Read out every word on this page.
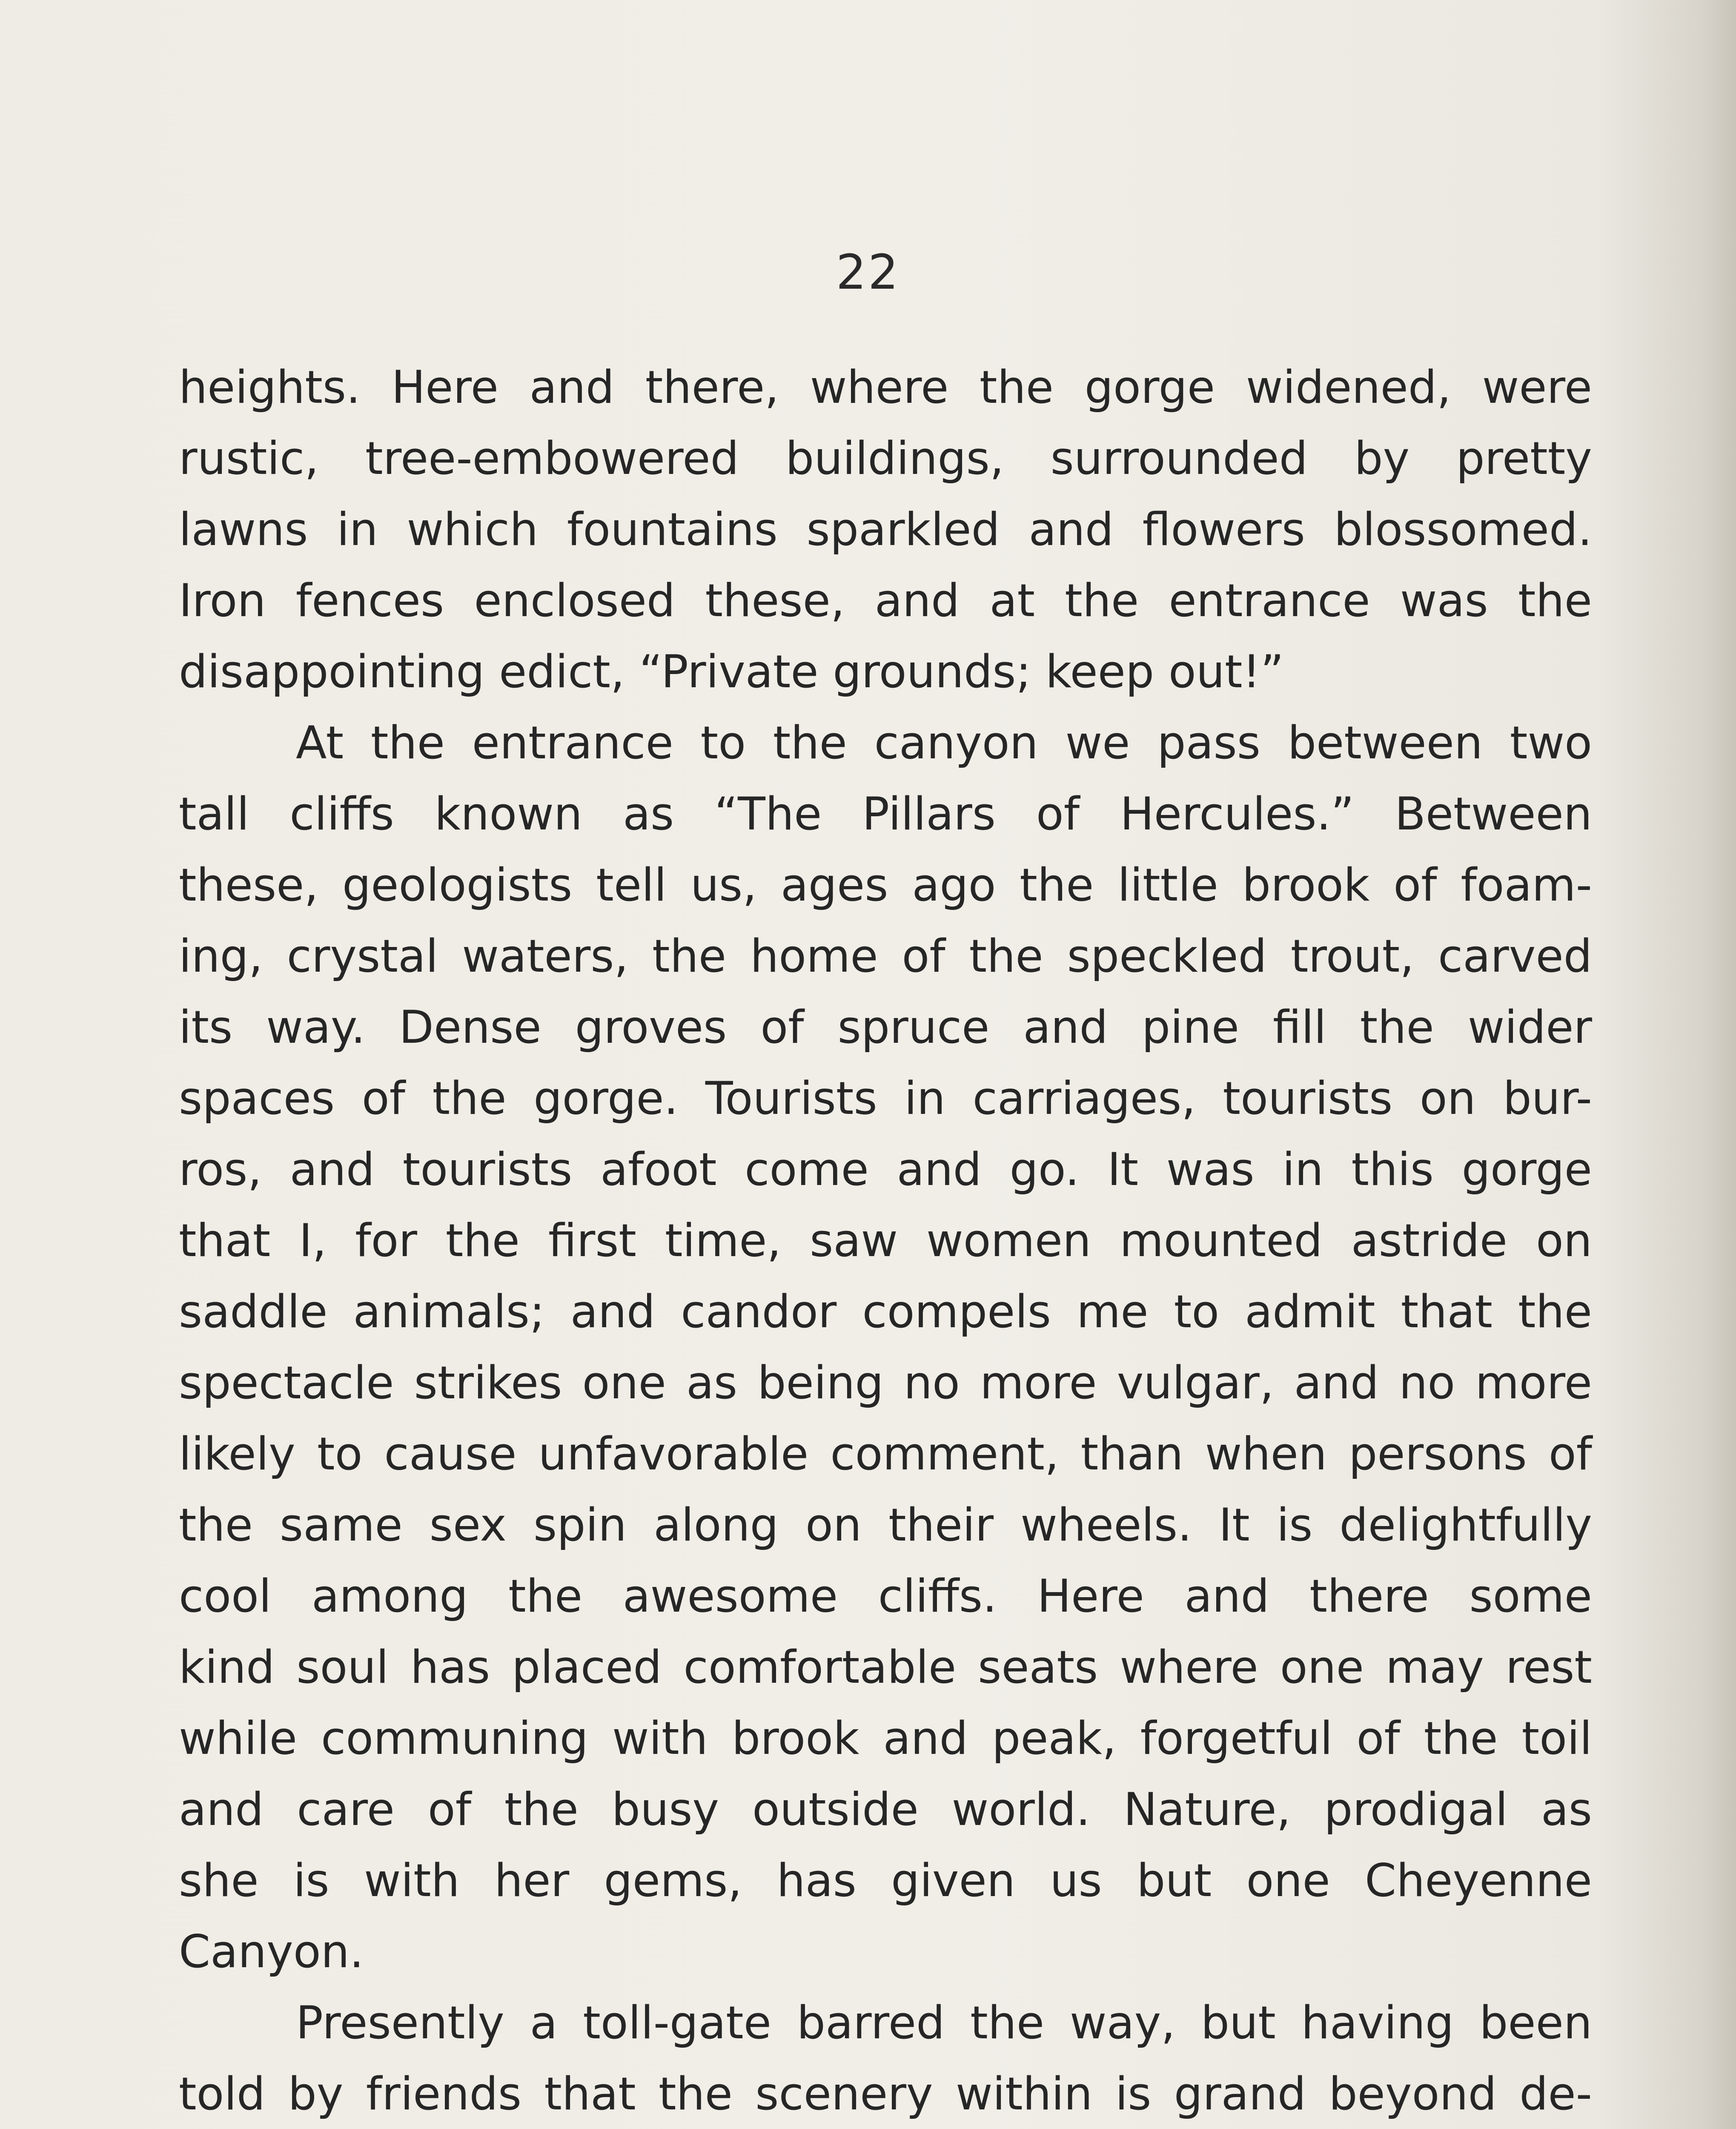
22
heights. Here and there, where the gorge widened, were
rustic, tree-embowered buildings, surrounded by pretty
lawns in which fountains sparkled and flowers blossomed.
Iron fences enclosed these, and at the entrance was the
disappointing edict, “Private grounds; keep out!”
At the entrance to the canyon we pass between two
tall cliffs known as “The Pillars of Hercules.” Between
these, geologists tell us, ages ago the little brook of foam-
ing, crystal waters, the home of the speckled trout, carved
its way. Dense groves of spruce and pine fill the wider
spaces of the gorge. Tourists in carriages, tourists on bur-
ros, and tourists afoot come and go. It was in this gorge
that I, for the first time, saw women mounted astride on
saddle animals; and candor compels me to admit that the
spectacle strikes one as being no more vulgar, and no more
likely to cause unfavorable comment, than when persons of
the same sex spin along on their wheels. It is delightfully
cool among the awesome cliffs. Here and there some
kind soul has placed comfortable seats where one may rest
while communing with brook and peak, forgetful of the toil
and care of the busy outside world. Nature, prodigal as
she is with her gems, has given us but one Cheyenne
Canyon.
Presently a toll-gate barred the way, but having been
told by friends that the scenery within is grand beyond de-
